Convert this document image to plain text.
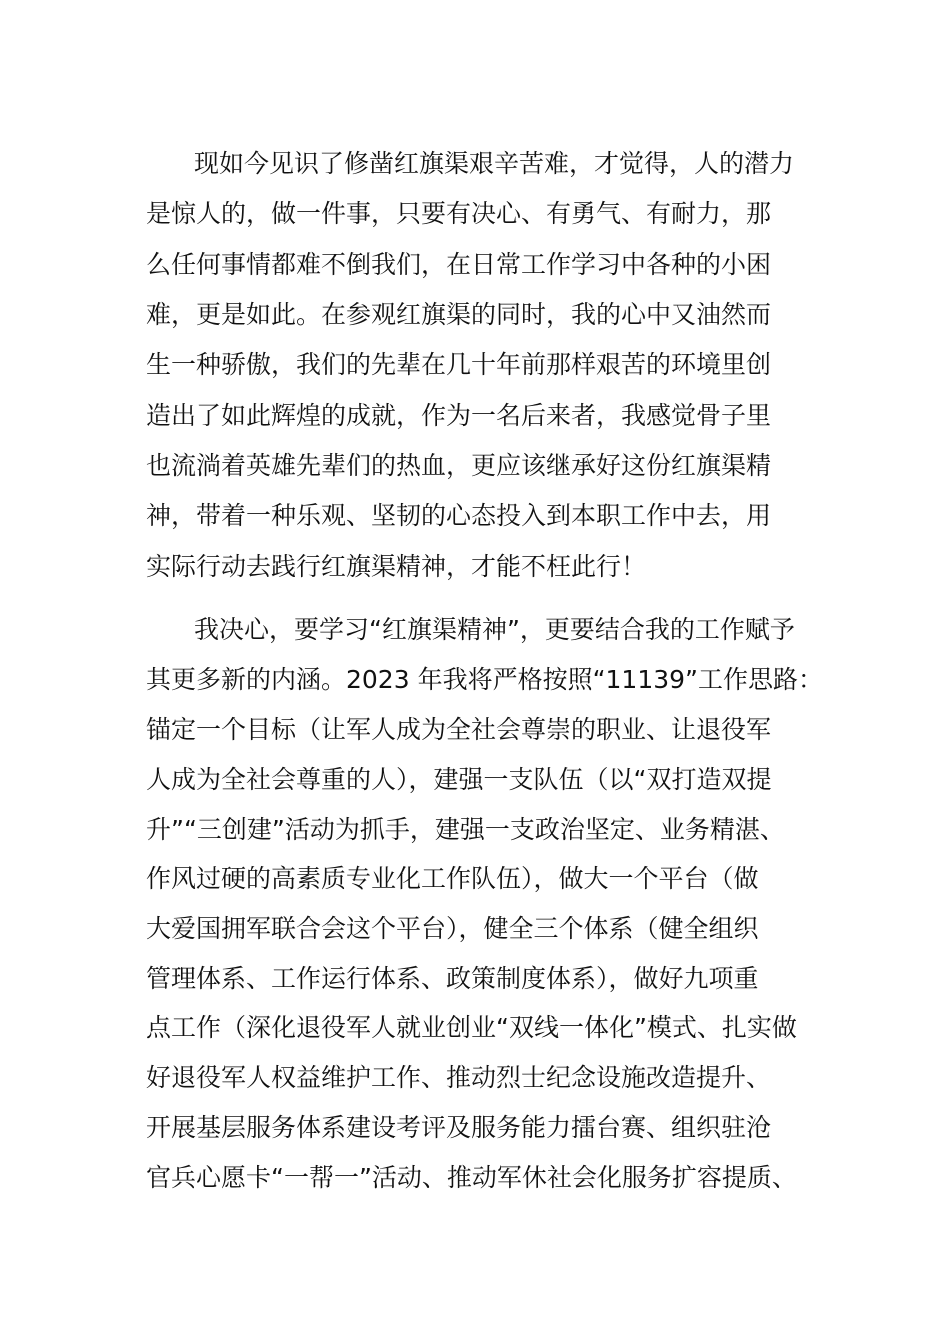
现如今见识了修凿红旗渠艰辛苦难，才觉得，人的潜力
是惊人的，做一件事，只要有决心、有勇气、有耐力，那
么任何事情都难不倒我们，在日常工作学习中各种的小困
难，更是如此。在参观红旗渠的同时，我的心中又油然而
生一种骄傲，我们的先辈在几十年前那样艰苦的环境里创
造出了如此辉煌的成就，作为一名后来者，我感觉骨子里
也流淌着英雄先辈们的热血，更应该继承好这份红旗渠精
神，带着一种乐观、坚韧的心态投入到本职工作中去，用
实际行动去践行红旗渠精神，才能不枉此行！
我决心，要学习“红旗渠精神”，更要结合我的工作赋予
其更多新的内涵。2023 年我将严格按照“11139”工作思路：
锚定一个目标（让军人成为全社会尊崇的职业、让退役军
人成为全社会尊重的人），建强一支队伍（以“双打造双提
升”“三创建”活动为抓手，建强一支政治坚定、业务精湛、
作风过硬的高素质专业化工作队伍），做大一个平台（做
大爱国拥军联合会这个平台），健全三个体系（健全组织
管理体系、工作运行体系、政策制度体系），做好九项重
点工作（深化退役军人就业创业“双线一体化”模式、扎实做
好退役军人权益维护工作、推动烈士纪念设施改造提升、
开展基层服务体系建设考评及服务能力擂台赛、组织驻沧
官兵心愿卡“一帮一”活动、推动军休社会化服务扩容提质、
